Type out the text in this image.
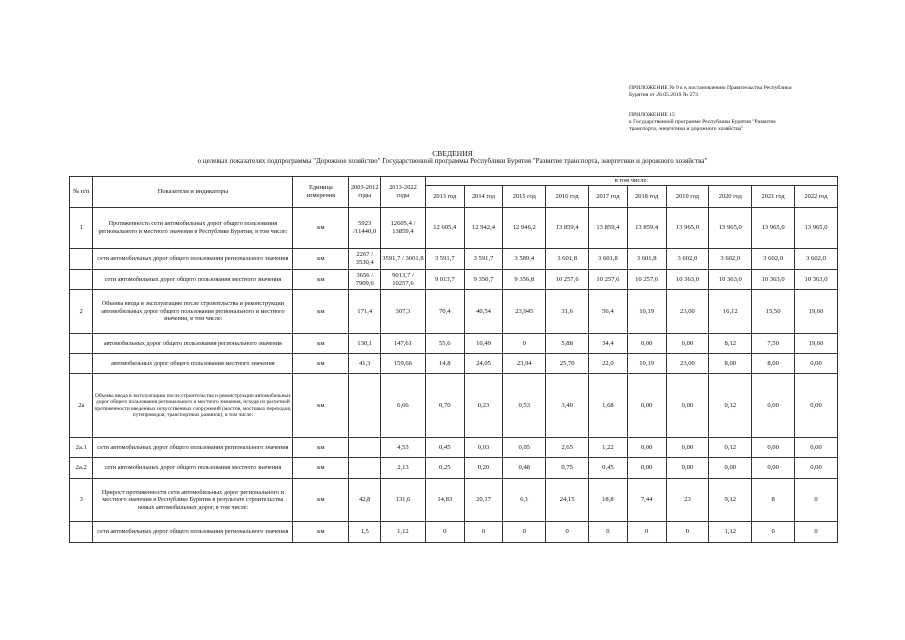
ПРИЛОЖЕНИЕ № 9 к к постановлению Правительства Республики
Бурятия от 28.05.2019 № 273
ПРИЛОЖЕНИЕ 15
к Государственной программе Республики Бурятия "Развитие
транспорта, энергетики и дорожного хозяйства"
СВЕДЕНИЯ
о целевых показателях подпрограммы "Дорожное хозяйство" Государственной программы Республики Бурятия "Развитие транспорта, энергетики и дорожного хозяйства"
№ п/п	Показатели и индикаторы	Единица измерения	2003-2012 годы	2013-2022 годы	в том числе:									
					2013 год	2014 год	2015 год	2016 год	2017 год	2018 год	2019 год	2020 год	2021 год	2022 год
1	Протяженность сети автомобильных дорог общего пользования регионального и местного значения в Республике Бурятия, в том числе:	км	5923 /11440,0	12605,4 / 13859,4	12 605,4	12 942,4	12 946,2	13 859,4	13 859,4	13 859,4	13 965,0	13 965,0	13 965,0	13 965,0
	сети автомобильных дорог общего пользования регионального значения	км	2267 / 3530,4	3591,7 / 3601,8	3 591,7	3 591,7	3 589,4	3 601,8	3 601,8	3 601,8	3 602,0	3 602,0	3 602,0	3 602,0
	сети автомобильных дорог общего пользования местного значения	км	3656 / 7909,6	9013,7 / 10257,6	9 013,7	9 350,7	9 356,8	10 257,6	10 257,6	10 257,6	10 363,0	10 363,0	10 363,0	10 363,0
2	Объемы ввода в эксплуатацию после строительства и реконструкции автомобильных дорог общего пользования регионального и местного значения, в том числе:	км	171,4	307,3	70,4	40,54	23,945	31,6	56,4	10,19	23,00	16,12	15,50	19,60
	автомобильных дорог общего пользования регионального значения	км	130,1	147,61	55,6	16,49	0	5,88	34,4	0,00	0,00	8,12	7,50	19,60
	автомобильных дорог общего пользования местного значения	км	41,3	159,66	14,8	24,05	23,94	25,70	22,0	10,19	23,00	8,00	8,00	0,00
2а	Объемы ввода в эксплуатацию после строительства и реконструкции автомобильных дорог общего пользования регионального и местного значения, исходя из расчетной протяженности введенных искусственных сооружений (мостов, мостовых переходов, путепроводов, транспортных развязок), в том числе:	км		6,66	0,70	0,23	0,53	3,40	1,68	0,00	0,00	0,12	0,00	0,00
2а.1	сети автомобильных дорог общего пользования регионального значения	км		4,53	0,45	0,03	0,05	2,65	1,22	0,00	0,00	0,12	0,00	0,00
2а.2	сети автомобильных дорог общего пользования местного значения	км		2,13	0,25	0,20	0,48	0,75	0,45	0,00	0,00	0,00	0,00	0,00
3	Прирост протяженности сети автомобильных дорог регионального и местного значения в Республике Бурятия в результате строительства новых автомобильных дорог, в том числе:	км	42,8	131,6	14,83	20,17	6,1	24,15	18,8	7,44	23	9,12	8	0
	сети автомобильных дорог общего пользования регионального значения	км	1,5	1,12	0	0	0	0	0	0	0	1,12	0	0
